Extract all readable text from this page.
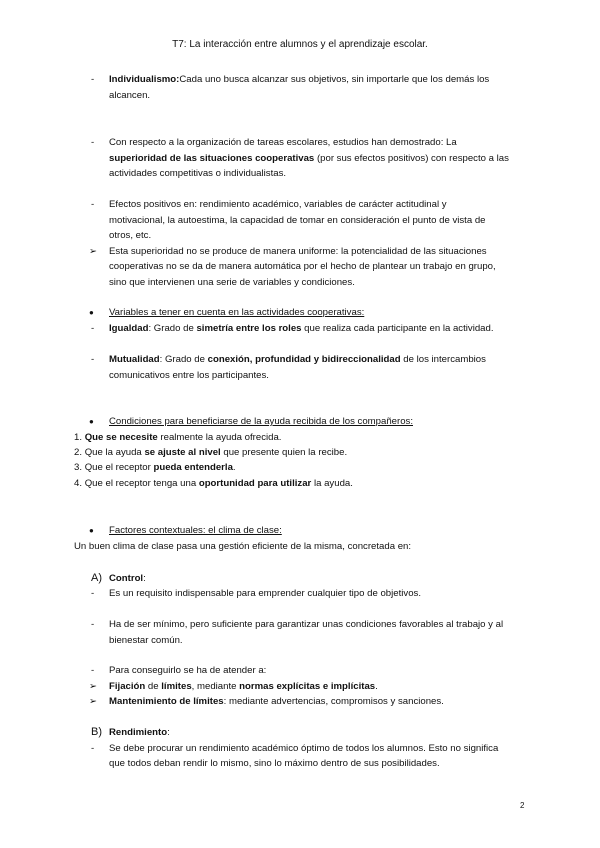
T7: La interacción entre alumnos y el aprendizaje escolar.
- Individualismo:Cada uno busca alcanzar sus objetivos, sin importarle que los demás los
alcancen.
- Con respecto a la organización de tareas escolares, estudios han demostrado: La
superioridad de las situaciones cooperativas (por sus efectos positivos) con respecto a las
actividades competitivas o individualistas.
- Efectos positivos en: rendimiento académico, variables de carácter actitudinal y
motivacional, la autoestima, la capacidad de tomar en consideración el punto de vista de
otros, etc.
➢ Esta superioridad no se produce de manera uniforme: la potencialidad de las situaciones
cooperativas no se da de manera automática por el hecho de plantear un trabajo en grupo,
sino que intervienen una serie de variables y condiciones.
● Variables a tener en cuenta en las actividades cooperativas:
- Igualdad: Grado de simetría entre los roles que realiza cada participante en la actividad.
- Mutualidad: Grado de conexión, profundidad y bidireccionalidad de los intercambios
comunicativos entre los participantes.
● Condiciones para beneficiarse de la ayuda recibida de los compañeros:
1. Que se necesite realmente la ayuda ofrecida.
2. Que la ayuda se ajuste al nivel que presente quien la recibe.
3. Que el receptor pueda entenderla.
4. Que el receptor tenga una oportunidad para utilizar la ayuda.
● Factores contextuales: el clima de clase:
Un buen clima de clase pasa una gestión eficiente de la misma, concretada en:
A) Control:
- Es un requisito indispensable para emprender cualquier tipo de objetivos.
- Ha de ser mínimo, pero suficiente para garantizar unas condiciones favorables al trabajo y al
bienestar común.
- Para conseguirlo se ha de atender a:
➢ Fijación de límites, mediante normas explícitas e implícitas.
➢ Mantenimiento de límites: mediante advertencias, compromisos y sanciones.
B) Rendimiento:
- Se debe procurar un rendimiento académico óptimo de todos los alumnos. Esto no significa
que todos deban rendir lo mismo, sino lo máximo dentro de sus posibilidades.
2
